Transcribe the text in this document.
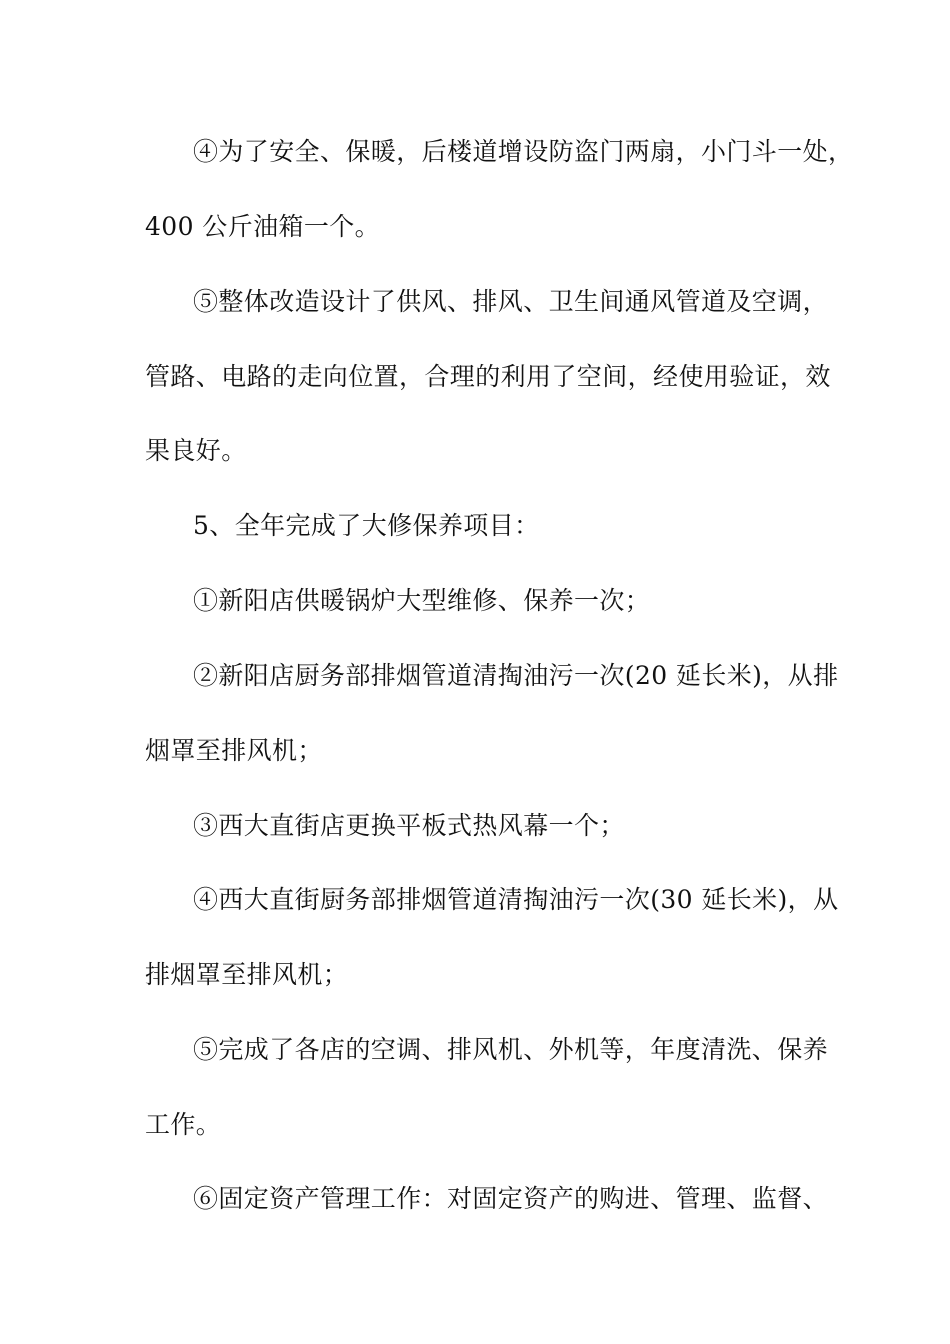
④为了安全、保暖，后楼道增设防盗门两扇，小门斗一处，
400 公斤油箱一个。
⑤整体改造设计了供风、排风、卫生间通风管道及空调，
管路、电路的走向位置，合理的利用了空间，经使用验证，效
果良好。
5、全年完成了大修保养项目：
①新阳店供暖锅炉大型维修、保养一次；
②新阳店厨务部排烟管道清掏油污一次(20 延长米)，从排
烟罩至排风机；
③西大直街店更换平板式热风幕一个；
④西大直街厨务部排烟管道清掏油污一次(30 延长米)，从
排烟罩至排风机；
⑤完成了各店的空调、排风机、外机等，年度清洗、保养
工作。
⑥固定资产管理工作：对固定资产的购进、管理、监督、
